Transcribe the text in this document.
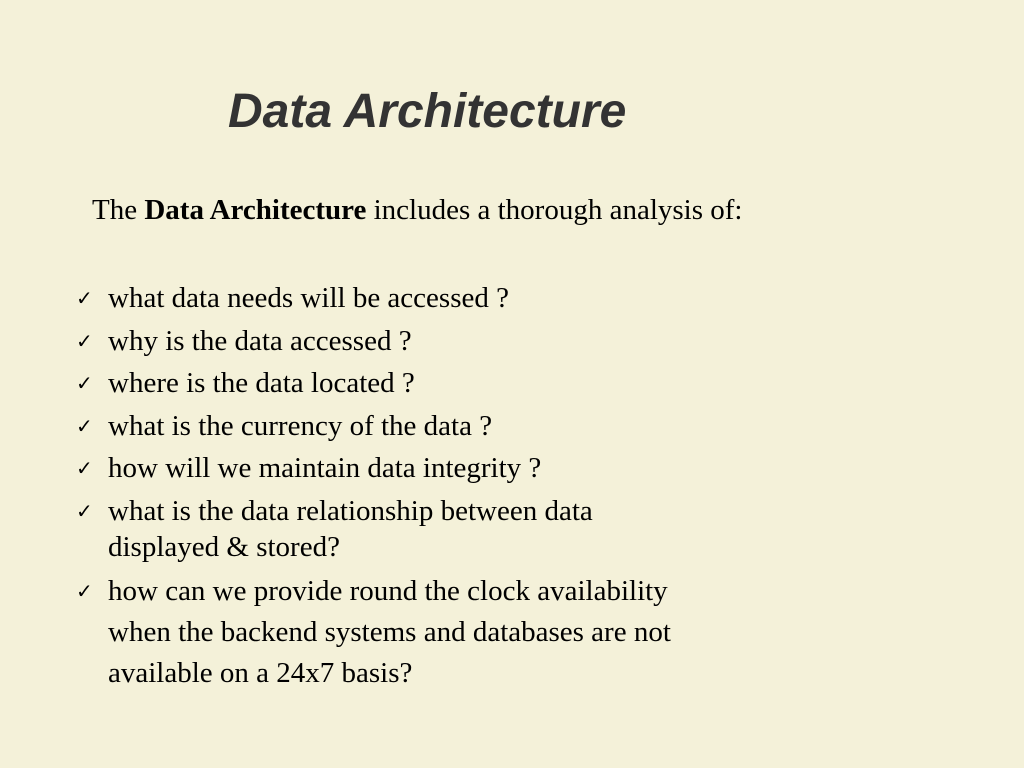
Data Architecture

The Data Architecture includes a thorough analysis of:

✓ what data needs will be accessed ?
✓ why is the data accessed ?
✓ where is the data located ?
✓ what is the currency of the data ?
✓ how will we maintain data integrity ?
✓ what is the data relationship between data
displayed & stored?
✓ how can we provide round the clock availability
when the backend systems and databases are not
available on a 24x7 basis?
